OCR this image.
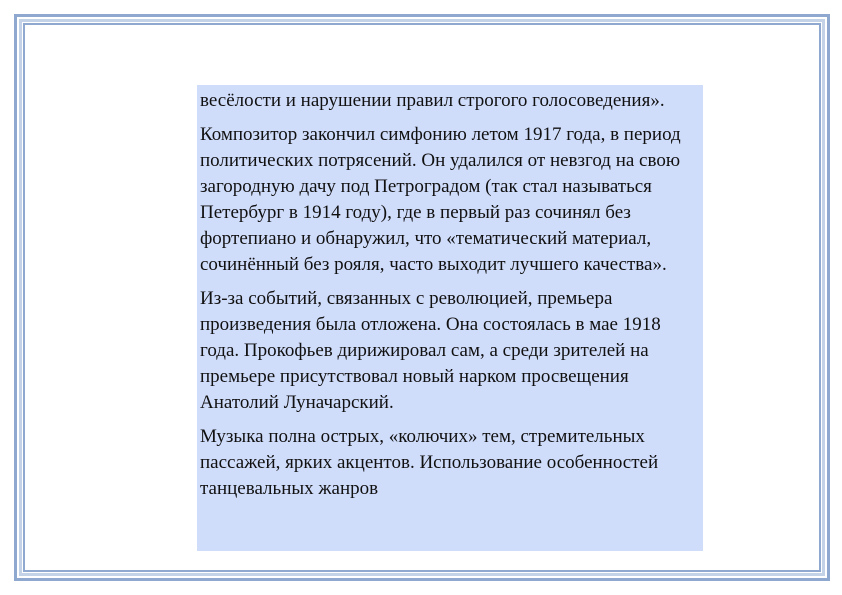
весёлости и нарушении правил строгого голосоведения».

Композитор закончил симфонию летом 1917 года, в период политических потрясений. Он удалился от невзгод на свою загородную дачу под Петроградом (так стал называться Петербург в 1914 году), где в первый раз сочинял без фортепиано и обнаружил, что «тематический материал, сочинённый без рояля, часто выходит лучшего качества».

Из-за событий, связанных с революцией, премьера произведения была отложена. Она состоялась в мае 1918 года. Прокофьев дирижировал сам, а среди зрителей на премьере присутствовал новый нарком просвещения Анатолий Луначарский.

Музыка полна острых, «колючих» тем, стремительных пассажей, ярких акцентов. Использование особенностей танцевальных жанров
